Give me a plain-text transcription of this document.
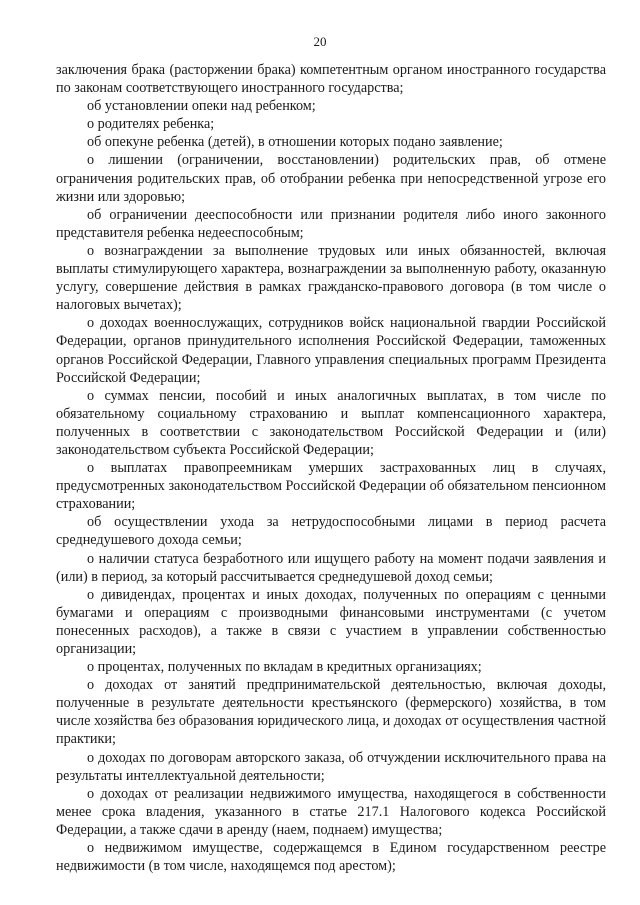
20

заключения брака (расторжении брака) компетентным органом иностранного государства по законам соответствующего иностранного государства;

об установлении опеки над ребенком;

о родителях ребенка;

об опекуне ребенка (детей), в отношении которых подано заявление;

о лишении (ограничении, восстановлении) родительских прав, об отмене ограничения родительских прав, об отобрании ребенка при непосредственной угрозе его жизни или здоровью;

об ограничении дееспособности или признании родителя либо иного законного представителя ребенка недееспособным;

о вознаграждении за выполнение трудовых или иных обязанностей, включая выплаты стимулирующего характера, вознаграждении за выполненную работу, оказанную услугу, совершение действия в рамках гражданско-правового договора (в том числе о налоговых вычетах);

о доходах военнослужащих, сотрудников войск национальной гвардии Российской Федерации, органов принудительного исполнения Российской Федерации, таможенных органов Российской Федерации, Главного управления специальных программ Президента Российской Федерации;

о суммах пенсии, пособий и иных аналогичных выплатах, в том числе по обязательному социальному страхованию и выплат компенсационного характера, полученных в соответствии с законодательством Российской Федерации и (или) законодательством субъекта Российской Федерации;

о выплатах правопреемникам умерших застрахованных лиц в случаях, предусмотренных законодательством Российской Федерации об обязательном пенсионном страховании;

об осуществлении ухода за нетрудоспособными лицами в период расчета среднедушевого дохода семьи;

о наличии статуса безработного или ищущего работу на момент подачи заявления и (или) в период, за который рассчитывается среднедушевой доход семьи;

о дивидендах, процентах и иных доходах, полученных по операциям с ценными бумагами и операциям с производными финансовыми инструментами (с учетом понесенных расходов), а также в связи с участием в управлении собственностью организации;

о процентах, полученных по вкладам в кредитных организациях;

о доходах от занятий предпринимательской деятельностью, включая доходы, полученные в результате деятельности крестьянского (фермерского) хозяйства, в том числе хозяйства без образования юридического лица, и доходах от осуществления частной практики;

о доходах по договорам авторского заказа, об отчуждении исключительного права на результаты интеллектуальной деятельности;

о доходах от реализации недвижимого имущества, находящегося в собственности менее срока владения, указанного в статье 217.1 Налогового кодекса Российской Федерации, а также сдачи в аренду (наем, поднаем) имущества;

о недвижимом имуществе, содержащемся в Едином государственном реестре недвижимости (в том числе, находящемся под арестом);
